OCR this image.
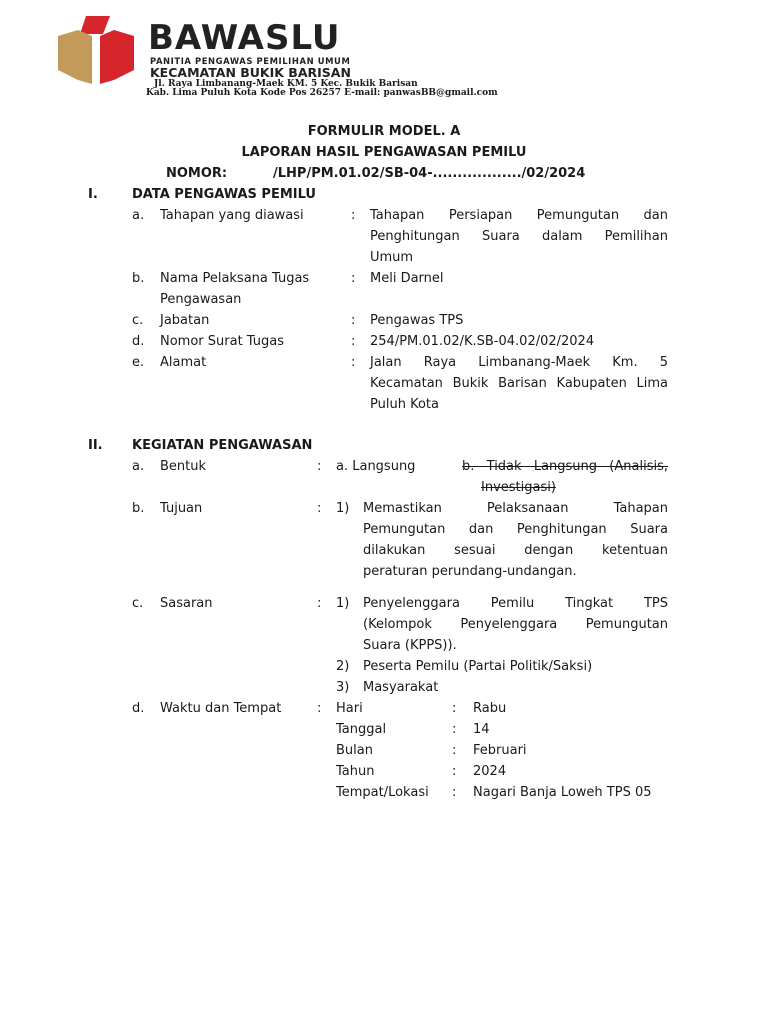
BAWASLU
PANITIA PENGAWAS PEMILIHAN UMUM
KECAMATAN BUKIK BARISAN
Jl. Raya Limbanang-Maek KM. 5 Kec. Bukik Barisan
Kab. Lima Puluh Kota Kode Pos 26257 E-mail: panwasBB@gmail.com
FORMULIR MODEL. A
LAPORAN HASIL PENGAWASAN PEMILU
NOMOR:	/LHP/PM.01.02/SB-04-................../02/2024
I.	DATA PENGAWAS PEMILU
a. Tahapan yang diawasi	: Tahapan Persiapan Pemungutan dan
Penghitungan Suara dalam Pemilihan
Umum
b. Nama Pelaksana Tugas
Pengawasan
: Meli Darnel
c. Jabatan	: Pengawas TPS
d. Nomor Surat Tugas	: 254/PM.01.02/K.SB-04.02/02/2024
e. Alamat	: Jalan Raya Limbanang-Maek Km. 5
Kecamatan Bukik Barisan Kabupaten Lima
Puluh Kota
II. KEGIATAN PENGAWASAN
a. Bentuk	: a. Langsung	b. Tidak Langsung (Analisis,
Investigasi)
b. Tujuan	: 1) Memastikan Pelaksanaan Tahapan
Pemungutan dan Penghitungan Suara
dilakukan sesuai dengan ketentuan
peraturan perundang-undangan.
c. Sasaran	: 1) Penyelenggara Pemilu Tingkat TPS
(Kelompok Penyelenggara Pemungutan
Suara (KPPS)).
2) Peserta Pemilu (Partai Politik/Saksi)
3) Masyarakat
d. Waktu dan Tempat	: Hari	: Rabu
Tanggal	: 14
Bulan	: Februari
Tahun	: 2024
Tempat/Lokasi : Nagari Banja Loweh TPS 05
